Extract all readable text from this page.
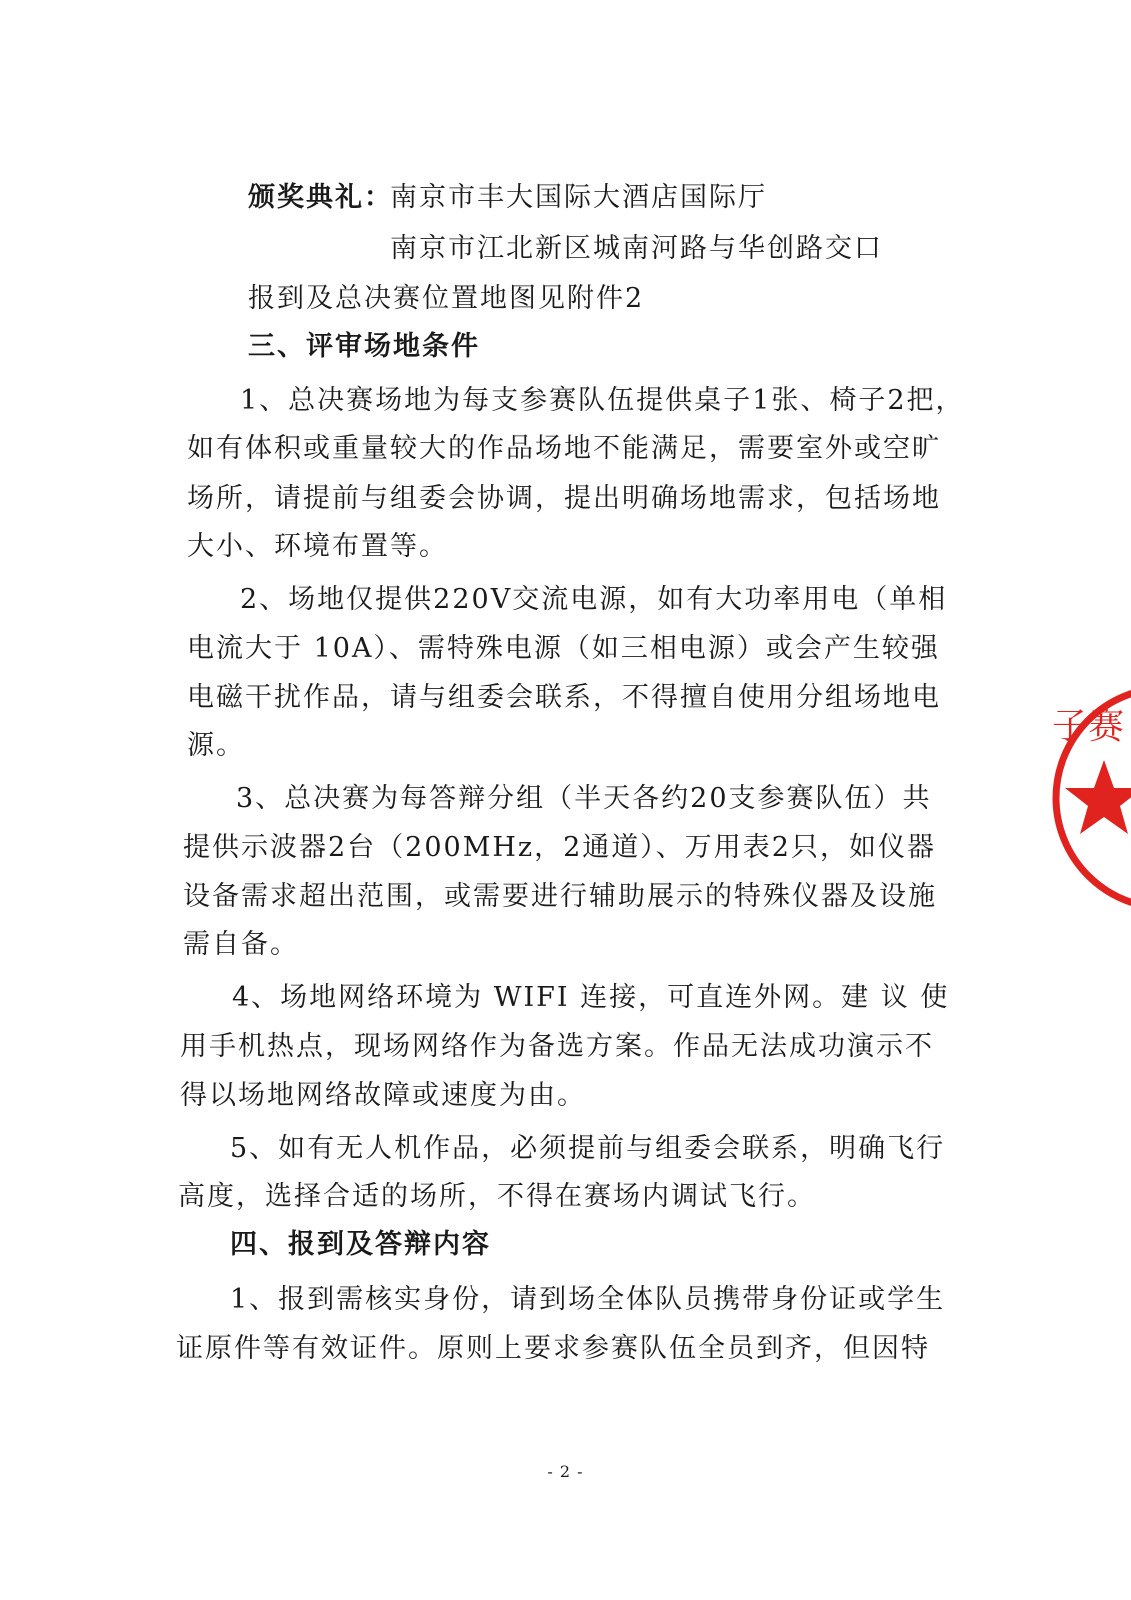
颁奖典礼：
南京市丰大国际大酒店国际厅
南京市江北新区城南河路与华创路交口
报到及总决赛位置地图见附件2
三、评审场地条件
1、总决赛场地为每支参赛队伍提供桌子1张、椅子2把，
如有体积或重量较大的作品场地不能满足，需要室外或空旷
场所，请提前与组委会协调，提出明确场地需求，包括场地
大小、环境布置等。
2、场地仅提供220V交流电源，如有大功率用电（单相
电流大于 10A）、需特殊电源（如三相电源）或会产生较强
电磁干扰作品，请与组委会联系，不得擅自使用分组场地电
源。
3、总决赛为每答辩分组（半天各约20支参赛队伍）共
提供示波器2台（200MHz，2通道）、万用表2只，如仪器
设备需求超出范围，或需要进行辅助展示的特殊仪器及设施
需自备。
4、场地网络环境为 WIFI 连接，可直连外网。建 议 使
用手机热点，现场网络作为备选方案。作品无法成功演示不
得以场地网络故障或速度为由。
5、如有无人机作品，必须提前与组委会联系，明确飞行
高度，选择合适的场所，不得在赛场内调试飞行。
四、报到及答辩内容
1、报到需核实身份，请到场全体队员携带身份证或学生
证原件等有效证件。原则上要求参赛队伍全员到齐，但因特
- 2 -
子赛
